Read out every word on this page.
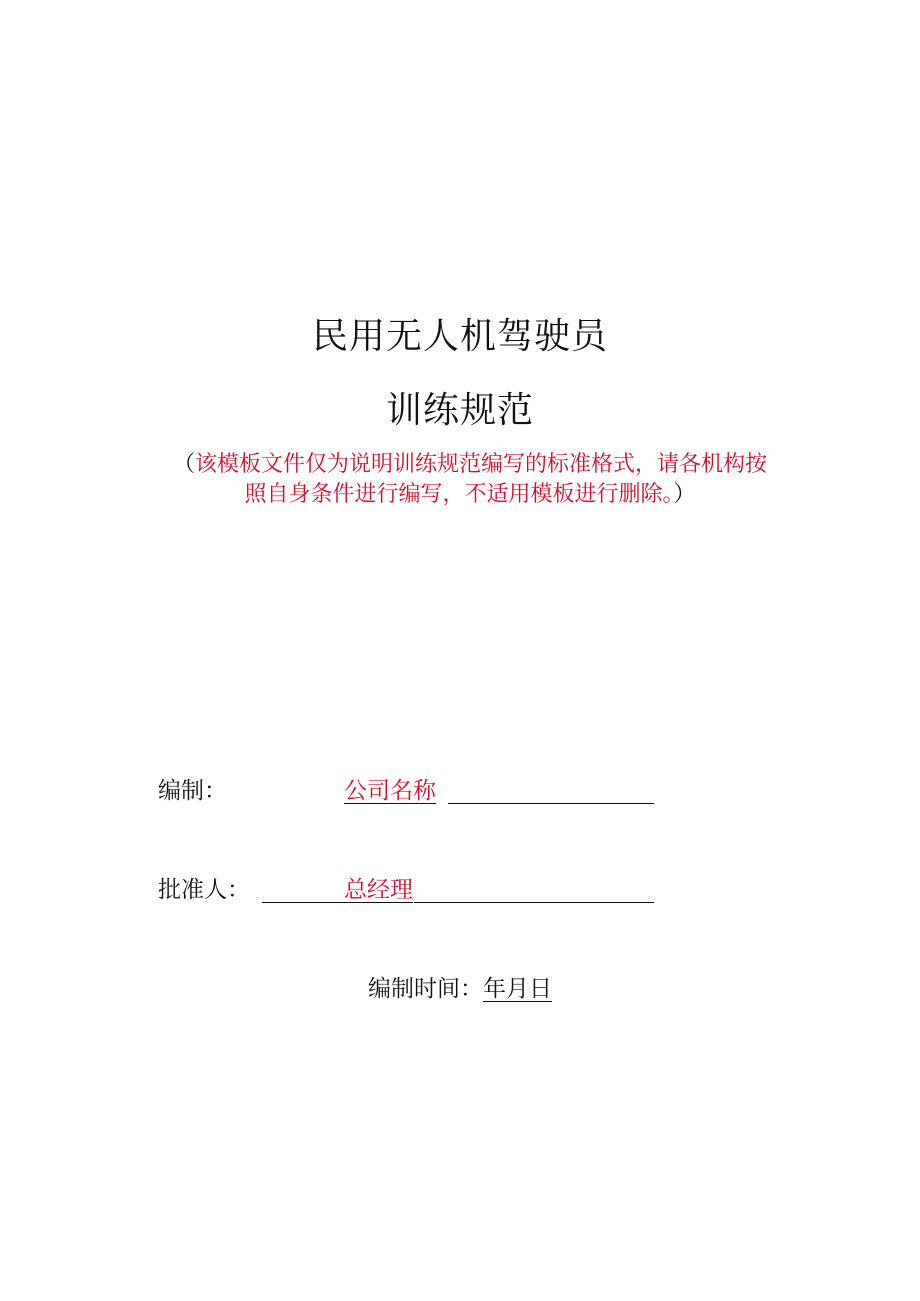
民用无人机驾驶员
训练规范
（该模板文件仅为说明训练规范编写的标准格式，请各机构按
照自身条件进行编写，不适用模板进行删除。）
编制：	公司名称
批准人：	总经理
编制时间：年月日
